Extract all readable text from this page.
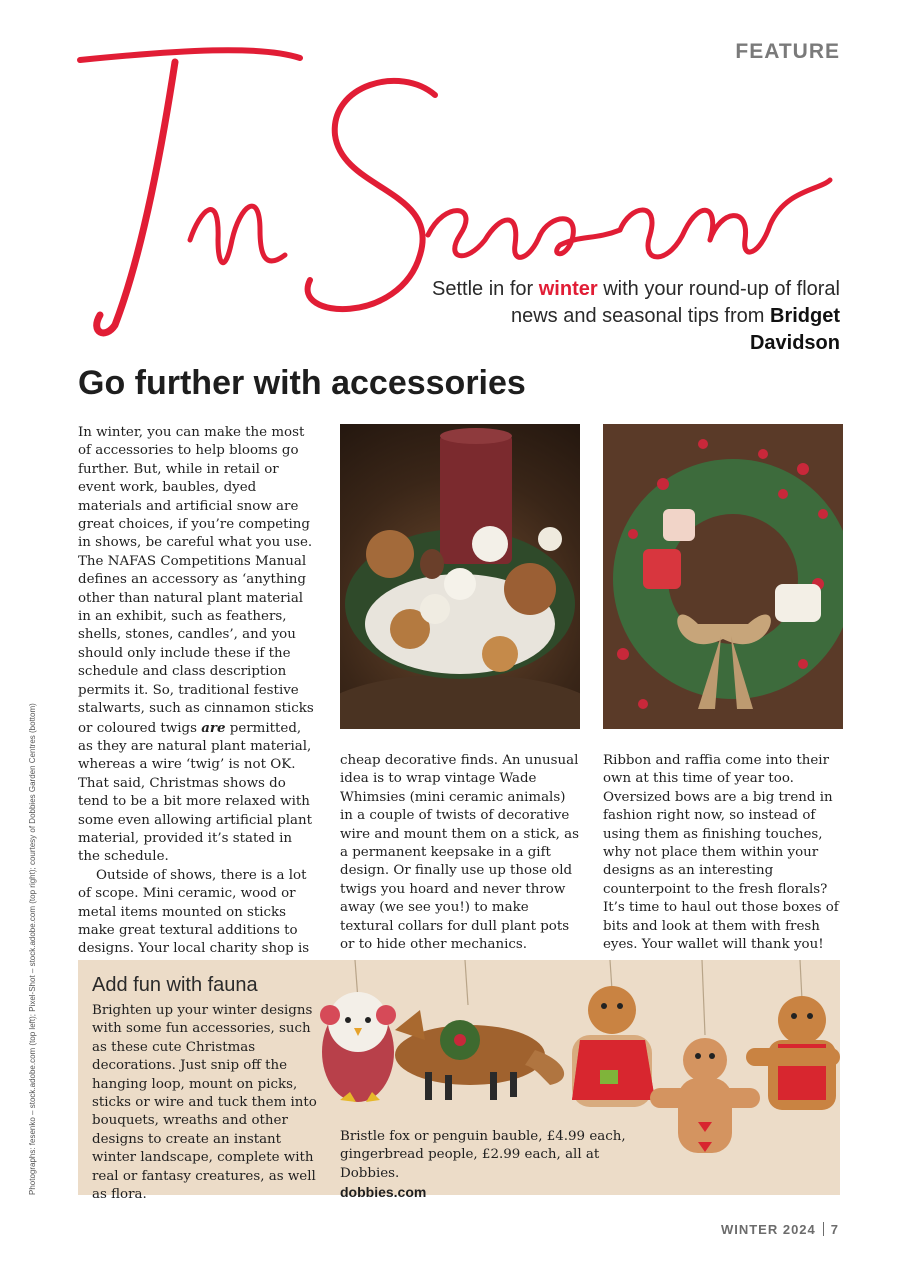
FEATURE
Settle in for winter with your round-up of floral news and seasonal tips from Bridget Davidson
Go further with accessories

In winter, you can make the most of accessories to help blooms go further. But, while in retail or event work, baubles, dyed materials and artificial snow are great choices, if you’re competing in shows, be careful what you use. The NAFAS Competitions Manual defines an accessory as ‘anything other than natural plant material in an exhibit, such as feathers, shells, stones, candles’, and you should only include these if the schedule and class description permits it. So, traditional festive stalwarts, such as cinnamon sticks or coloured twigs are permitted, as they are natural plant material, whereas a wire ‘twig’ is not OK. That said, Christmas shows do tend to be a bit more relaxed with some even allowing artificial plant material, provided it’s stated in the schedule.

Outside of shows, there is a lot of scope. Mini ceramic, wood or metal items mounted on sticks make great textural additions to designs. Your local charity shop is

cheap decorative finds. An unusual idea is to wrap vintage Wade Whimsies (mini ceramic animals) in a couple of twists of decorative wire and mount them on a stick, as a permanent keepsake in a gift design. Or finally use up those old twigs you hoard and never throw away (we see you!) to make textural collars for dull plant pots or to hide other mechanics.

Ribbon and raffia come into their own at this time of year too. Oversized bows are a big trend in fashion right now, so instead of using them as finishing touches, why not place them within your designs as an interesting counterpoint to the fresh florals? It’s time to haul out those boxes of bits and look at them with fresh eyes. Your wallet will thank you!

Photographs: fesenko – stock.adobe.com (top left); Pixel-Shot – stock.adobe.com (top right); courtesy of Dobbies Garden Centres (bottom)	Add fun with fauna

Brighten up your winter designs with some fun accessories, such as these cute Christmas decorations. Just snip off the hanging loop, mount on picks, sticks or wire and tuck them into bouquets, wreaths and other designs to create an instant winter landscape, complete with real or fantasy creatures, as well as flora.

Bristle fox or penguin bauble, £4.99 each, gingerbread people, £2.99 each, all at Dobbies.
dobbies.com
WINTER 2024 7
